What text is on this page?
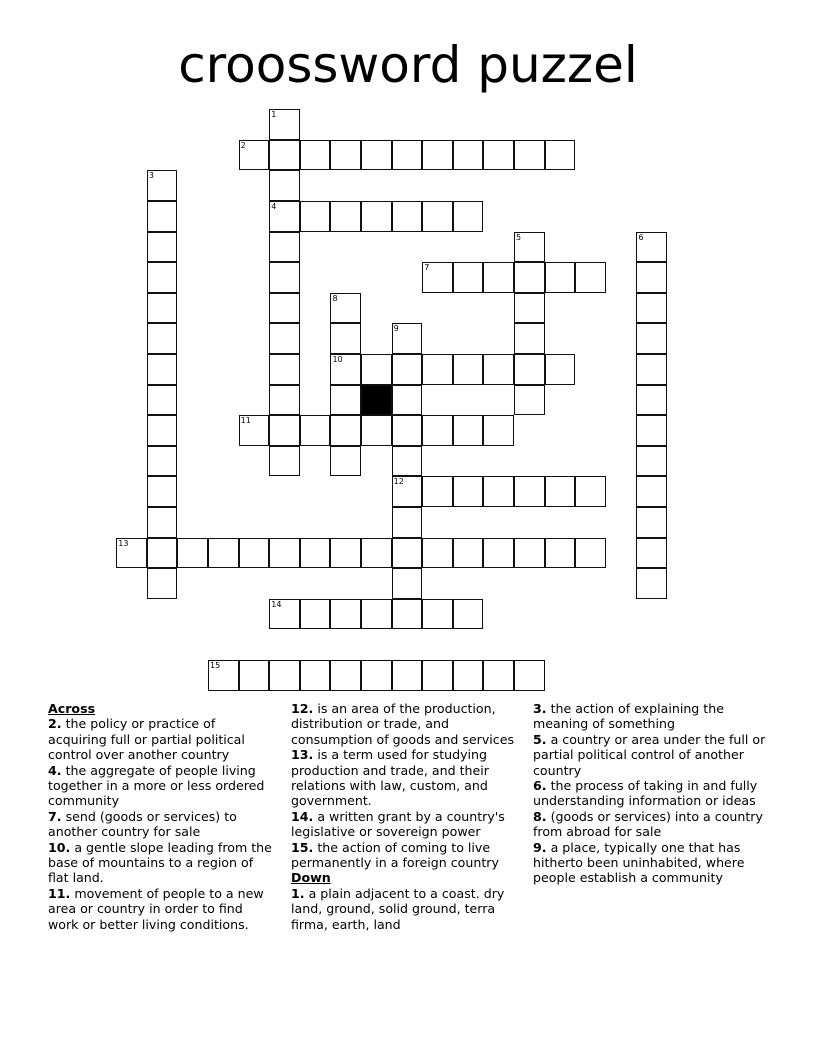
croossword puzzel
1
4
2
3
5	6
7
8
10
9
12
11
13
14
15
Across
2. the policy or practice of acquiring full or partial political control over another country
4. the aggregate of people living together in a more or less ordered community
7. send (goods or services) to another country for sale
10. a gentle slope leading from the base of mountains to a region of flat land.
11. movement of people to a new area or country in order to find work or better living conditions.
12. is an area of the production, distribution or trade, and consumption of goods and services
13. is a term used for studying production and trade, and their relations with law, custom, and government.
14. a written grant by a country's legislative or sovereign power
15. the action of coming to live permanently in a foreign country
Down
1. a plain adjacent to a coast. dry land, ground, solid ground, terra firma, earth, land
3. the action of explaining the meaning of something
5. a country or area under the full or partial political control of another country
6. the process of taking in and fully understanding information or ideas
8. (goods or services) into a country from abroad for sale
9. a place, typically one that has hitherto been uninhabited, where people establish a community
